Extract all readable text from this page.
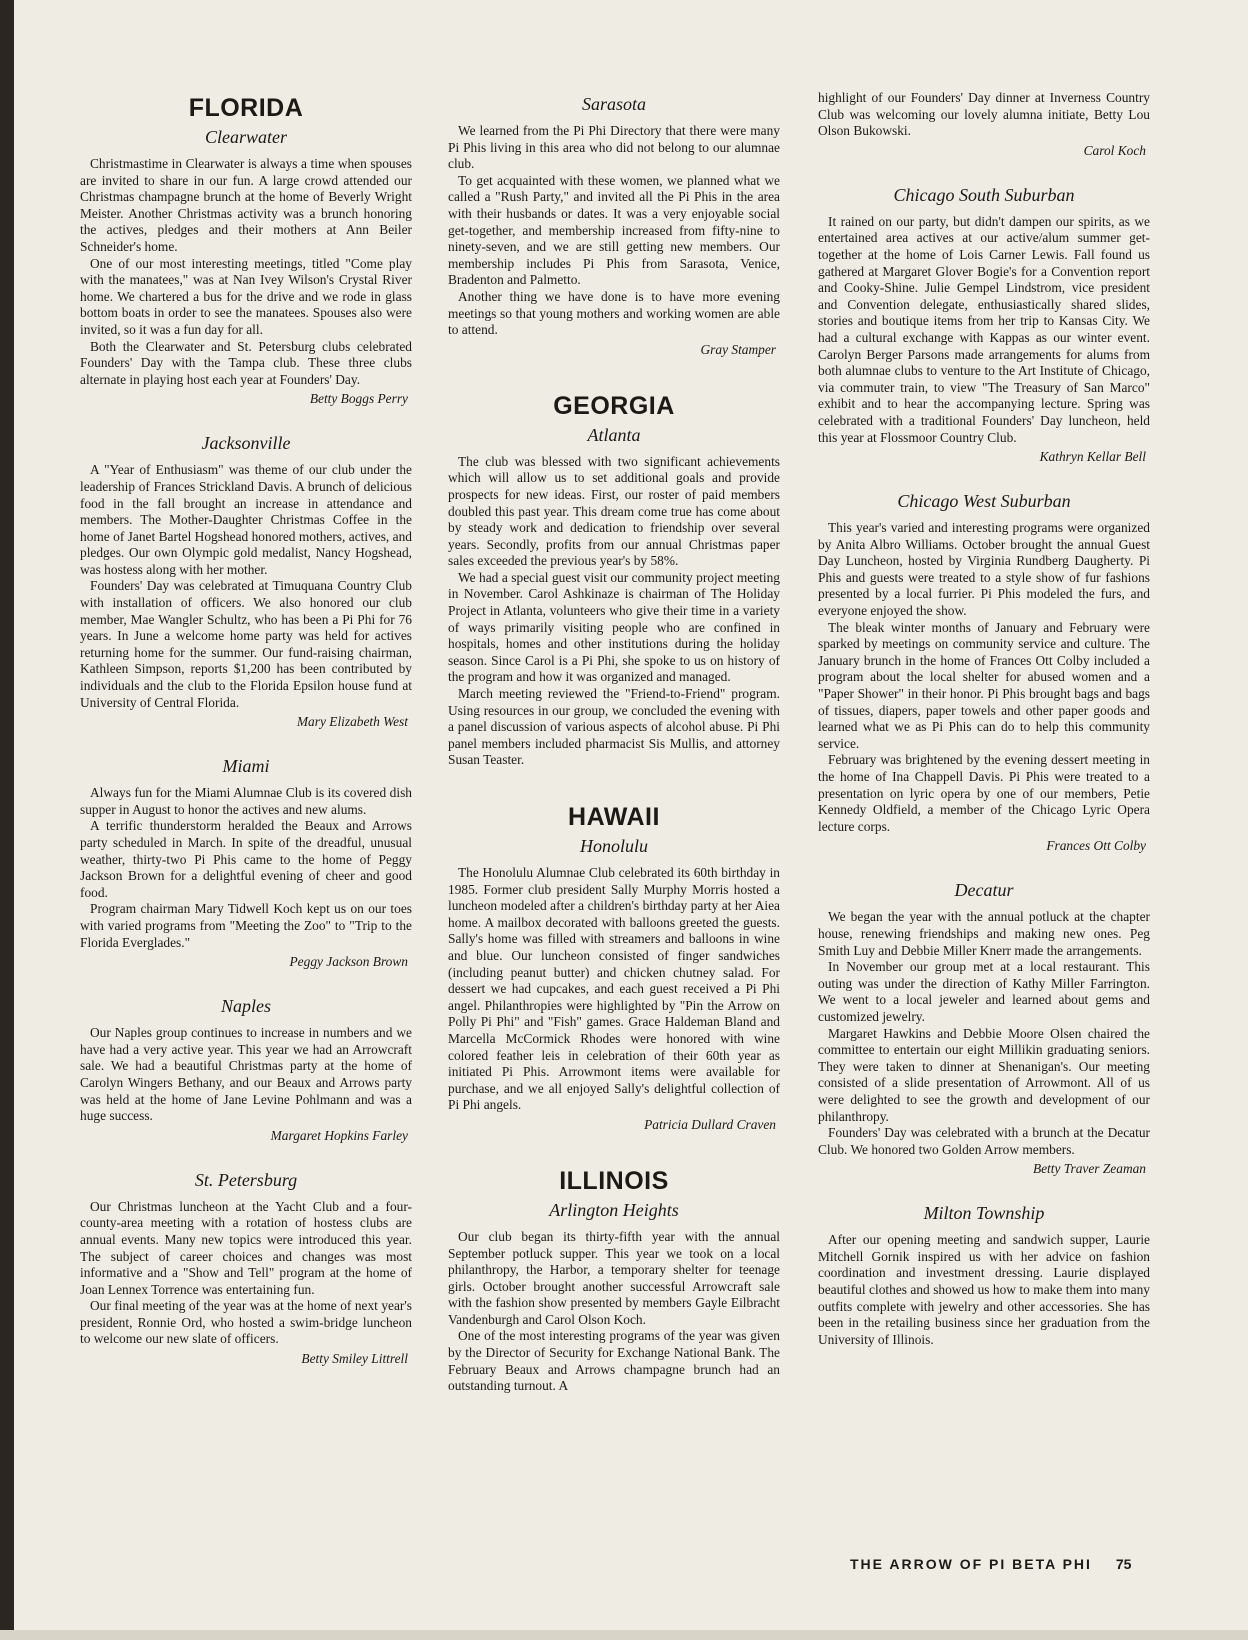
FLORIDA
Clearwater

Christmastime in Clearwater is always a time when spouses are invited to share in our fun. A large crowd attended our Christmas champagne brunch at the home of Beverly Wright Meister. Another Christmas activity was a brunch honoring the actives, pledges and their mothers at Ann Beiler Schneider's home.

One of our most interesting meetings, titled "Come play with the manatees," was at Nan Ivey Wilson's Crystal River home. We chartered a bus for the drive and we rode in glass bottom boats in order to see the manatees. Spouses also were invited, so it was a fun day for all.

Both the Clearwater and St. Petersburg clubs celebrated Founders' Day with the Tampa club. These three clubs alternate in playing host each year at Founders' Day.

Betty Boggs Perry
Jacksonville

A "Year of Enthusiasm" was theme of our club under the leadership of Frances Strickland Davis. A brunch of delicious food in the fall brought an increase in attendance and members. The Mother-Daughter Christmas Coffee in the home of Janet Bartel Hogshead honored mothers, actives, and pledges. Our own Olympic gold medalist, Nancy Hogshead, was hostess along with her mother.

Founders' Day was celebrated at Timuquana Country Club with installation of officers. We also honored our club member, Mae Wangler Schultz, who has been a Pi Phi for 76 years. In June a welcome home party was held for actives returning home for the summer. Our fund-raising chairman, Kathleen Simpson, reports $1,200 has been contributed by individuals and the club to the Florida Epsilon house fund at University of Central Florida.

Mary Elizabeth West
Miami

Always fun for the Miami Alumnae Club is its covered dish supper in August to honor the actives and new alums.

A terrific thunderstorm heralded the Beaux and Arrows party scheduled in March. In spite of the dreadful, unusual weather, thirty-two Pi Phis came to the home of Peggy Jackson Brown for a delightful evening of cheer and good food.

Program chairman Mary Tidwell Koch kept us on our toes with varied programs from "Meeting the Zoo" to "Trip to the Florida Everglades."

Peggy Jackson Brown
Naples

Our Naples group continues to increase in numbers and we have had a very active year. This year we had an Arrowcraft sale. We had a beautiful Christmas party at the home of Carolyn Wingers Bethany, and our Beaux and Arrows party was held at the home of Jane Levine Pohlmann and was a huge success.

Margaret Hopkins Farley
St. Petersburg

Our Christmas luncheon at the Yacht Club and a four-county-area meeting with a rotation of hostess clubs are annual events. Many new topics were introduced this year. The subject of career choices and changes was most informative and a "Show and Tell" program at the home of Joan Lennex Torrence was entertaining fun.

Our final meeting of the year was at the home of next year's president, Ronnie Ord, who hosted a swim-bridge luncheon to welcome our new slate of officers.

Betty Smiley Littrell
Sarasota

We learned from the Pi Phi Directory that there were many Pi Phis living in this area who did not belong to our alumnae club.

To get acquainted with these women, we planned what we called a "Rush Party," and invited all the Pi Phis in the area with their husbands or dates. It was a very enjoyable social get-together, and membership increased from fifty-nine to ninety-seven, and we are still getting new members. Our membership includes Pi Phis from Sarasota, Venice, Bradenton and Palmetto.

Another thing we have done is to have more evening meetings so that young mothers and working women are able to attend.

Gray Stamper
GEORGIA
Atlanta

The club was blessed with two significant achievements which will allow us to set additional goals and provide prospects for new ideas. First, our roster of paid members doubled this past year. This dream come true has come about by steady work and dedication to friendship over several years. Secondly, profits from our annual Christmas paper sales exceeded the previous year's by 58%.

We had a special guest visit our community project meeting in November. Carol Ashkinaze is chairman of The Holiday Project in Atlanta, volunteers who give their time in a variety of ways primarily visiting people who are confined in hospitals, homes and other institutions during the holiday season. Since Carol is a Pi Phi, she spoke to us on history of the program and how it was organized and managed.

March meeting reviewed the "Friend-to-Friend" program. Using resources in our group, we concluded the evening with a panel discussion of various aspects of alcohol abuse. Pi Phi panel members included pharmacist Sis Mullis, and attorney Susan Teaster.

HAWAII
Honolulu

The Honolulu Alumnae Club celebrated its 60th birthday in 1985. Former club president Sally Murphy Morris hosted a luncheon modeled after a children's birthday party at her Aiea home. A mailbox decorated with balloons greeted the guests. Sally's home was filled with streamers and balloons in wine and blue. Our luncheon consisted of finger sandwiches (including peanut butter) and chicken chutney salad. For dessert we had cupcakes, and each guest received a Pi Phi angel. Philanthropies were highlighted by "Pin the Arrow on Polly Pi Phi" and "Fish" games. Grace Haldeman Bland and Marcella McCormick Rhodes were honored with wine colored feather leis in celebration of their 60th year as initiated Pi Phis. Arrowmont items were available for purchase, and we all enjoyed Sally's delightful collection of Pi Phi angels.

Patricia Dullard Craven
ILLINOIS
Arlington Heights

Our club began its thirty-fifth year with the annual September potluck supper. This year we took on a local philanthropy, the Harbor, a temporary shelter for teenage girls. October brought another successful Arrowcraft sale with the fashion show presented by members Gayle Eilbracht Vandenburgh and Carol Olson Koch.

One of the most interesting programs of the year was given by the Director of Security for Exchange National Bank. The February Beaux and Arrows champagne brunch had an outstanding turnout. A

highlight of our Founders' Day dinner at Inverness Country Club was welcoming our lovely alumna initiate, Betty Lou Olson Bukowski.

Carol Koch
Chicago South Suburban

It rained on our party, but didn't dampen our spirits, as we entertained area actives at our active/alum summer get-together at the home of Lois Carner Lewis. Fall found us gathered at Margaret Glover Bogie's for a Convention report and Cooky-Shine. Julie Gempel Lindstrom, vice president and Convention delegate, enthusiastically shared slides, stories and boutique items from her trip to Kansas City. We had a cultural exchange with Kappas as our winter event. Carolyn Berger Parsons made arrangements for alums from both alumnae clubs to venture to the Art Institute of Chicago, via commuter train, to view "The Treasury of San Marco" exhibit and to hear the accompanying lecture. Spring was celebrated with a traditional Founders' Day luncheon, held this year at Flossmoor Country Club.

Kathryn Kellar Bell
Chicago West Suburban

This year's varied and interesting programs were organized by Anita Albro Williams. October brought the annual Guest Day Luncheon, hosted by Virginia Rundberg Daugherty. Pi Phis and guests were treated to a style show of fur fashions presented by a local furrier. Pi Phis modeled the furs, and everyone enjoyed the show.

The bleak winter months of January and February were sparked by meetings on community service and culture. The January brunch in the home of Frances Ott Colby included a program about the local shelter for abused women and a "Paper Shower" in their honor. Pi Phis brought bags and bags of tissues, diapers, paper towels and other paper goods and learned what we as Pi Phis can do to help this community service.

February was brightened by the evening dessert meeting in the home of Ina Chappell Davis. Pi Phis were treated to a presentation on lyric opera by one of our members, Petie Kennedy Oldfield, a member of the Chicago Lyric Opera lecture corps.

Frances Ott Colby
Decatur

We began the year with the annual potluck at the chapter house, renewing friendships and making new ones. Peg Smith Luy and Debbie Miller Knerr made the arrangements.

In November our group met at a local restaurant. This outing was under the direction of Kathy Miller Farrington. We went to a local jeweler and learned about gems and customized jewelry.

Margaret Hawkins and Debbie Moore Olsen chaired the committee to entertain our eight Millikin graduating seniors. They were taken to dinner at Shenanigan's. Our meeting consisted of a slide presentation of Arrowmont. All of us were delighted to see the growth and development of our philanthropy.

Founders' Day was celebrated with a brunch at the Decatur Club. We honored two Golden Arrow members.

Betty Traver Zeaman
Milton Township

After our opening meeting and sandwich supper, Laurie Mitchell Gornik inspired us with her advice on fashion coordination and investment dressing. Laurie displayed beautiful clothes and showed us how to make them into many outfits complete with jewelry and other accessories. She has been in the retailing business since her graduation from the University of Illinois.

THE ARROW OF PI BETA PHI 75
